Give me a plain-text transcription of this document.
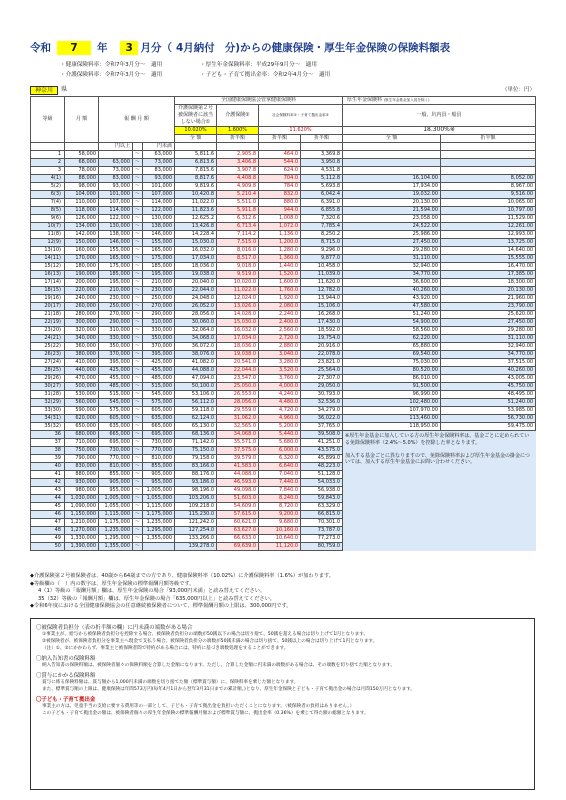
令和	7	年	3 月分（ 4月納付 分)からの健康保険・厚生年金保険の保険料額表
・健康保険料率：令和7年3月分～　適用	・厚生年金保険料率：平成29年9月分～　適用
・介護保険料率：令和7年3月分～　適用	・子ども・子育て拠出金率：令和2年4月分～　適用
神奈川	県	（単位：円）
等級	月 額	報 酬 月 額			全国健康保険協会管掌健康保険料				厚生年金保険料 (厚生年金基金加入員を除く)	
					介護保険第２号被保険者に該当しない場合①	介護保険②	社会保険料率①・子育て拠出金率②		一般、坑内員・船員	
					10.020%	1.600%	11.620%		18.300%※	
					全 額	折半額	折半額	折半額	全 額	折半額
		円以上		円未満						
1	58,000		～	63,000	5,811.6	2,905.8	464.0	3,369.8		
2	68,000	63,000	～	73,000	6,813.6	3,406.8	544.0	3,950.8		
3	78,000	73,000	～	83,000	7,815.6	3,907.8	624.0	4,531.8		
4(1)	88,000	83,000	～	93,000	8,817.6	4,408.8	704.0	5,112.8	16,104.00	8,052.00
5(2)	98,000	93,000	～	101,000	9,819.6	4,909.8	784.0	5,693.8	17,934.00	8,967.00
6(3)	104,000	101,000	～	107,000	10,420.8	5,210.4	832.0	6,042.4	19,032.00	9,516.00
7(4)	110,000	107,000	～	114,000	11,022.0	5,511.0	880.0	6,391.0	20,130.00	10,065.00
8(5)	118,000	114,000	～	122,000	11,823.6	5,911.8	944.0	6,855.8	21,594.00	10,797.00
9(6)	126,000	122,000	～	130,000	12,625.2	6,312.6	1,008.0	7,320.6	23,058.00	11,529.00
10(7)	134,000	130,000	～	138,000	13,426.8	6,713.4	1,072.0	7,785.4	24,522.00	12,261.00
11(8)	142,000	138,000	～	146,000	14,228.4	7,114.2	1,136.0	8,250.2	25,986.00	12,993.00
12(9)	150,000	146,000	～	155,000	15,030.0	7,515.0	1,200.0	8,715.0	27,450.00	13,725.00
13(10)	160,000	155,000	～	165,000	16,032.0	8,016.0	1,280.0	9,296.0	29,280.00	14,640.00
14(11)	170,000	165,000	～	175,000	17,034.0	8,517.0	1,360.0	9,877.0	31,110.00	15,555.00
15(12)	180,000	175,000	～	185,000	18,036.0	9,018.0	1,440.0	10,458.0	32,940.00	16,470.00
16(13)	190,000	185,000	～	195,000	19,038.0	9,519.0	1,520.0	11,039.0	34,770.00	17,385.00
17(14)	200,000	195,000	～	210,000	20,040.0	10,020.0	1,600.0	11,620.0	36,600.00	18,300.00
18(15)	220,000	210,000	～	230,000	22,044.0	11,022.0	1,760.0	12,782.0	40,260.00	20,130.00
19(16)	240,000	230,000	～	250,000	24,048.0	12,024.0	1,920.0	13,944.0	43,920.00	21,960.00
20(17)	260,000	250,000	～	270,000	26,052.0	13,026.0	2,080.0	15,106.0	47,580.00	23,790.00
21(18)	280,000	270,000	～	290,000	28,056.0	14,028.0	2,240.0	16,268.0	51,240.00	25,620.00
22(19)	300,000	290,000	～	310,000	30,060.0	15,030.0	2,400.0	17,430.0	54,900.00	27,450.00
23(20)	320,000	310,000	～	330,000	32,064.0	16,032.0	2,560.0	18,592.0	58,560.00	29,280.00
24(21)	340,000	330,000	～	350,000	34,068.0	17,034.0	2,720.0	19,754.0	62,220.00	31,110.00
25(22)	360,000	350,000	～	370,000	36,072.0	18,036.0	2,880.0	20,916.0	65,880.00	32,940.00
26(23)	380,000	370,000	～	395,000	38,076.0	19,038.0	3,040.0	22,078.0	69,540.00	34,770.00
27(24)	410,000	395,000	～	425,000	41,082.0	20,541.0	3,280.0	23,821.0	75,030.00	37,515.00
28(25)	440,000	425,000	～	455,000	44,088.0	22,044.0	3,520.0	25,564.0	80,520.00	40,260.00
29(26)	470,000	455,000	～	485,000	47,094.0	23,547.0	3,760.0	27,307.0	86,010.00	43,005.00
30(27)	500,000	485,000	～	515,000	50,100.0	25,050.0	4,000.0	29,050.0	91,500.00	45,750.00
31(28)	530,000	515,000	～	545,000	53,106.0	26,553.0	4,240.0	30,793.0	96,990.00	48,495.00
32(29)	560,000	545,000	～	575,000	56,112.0	28,056.0	4,480.0	32,536.0	102,480.00	51,240.00
33(30)	590,000	575,000	～	605,000	59,118.0	29,559.0	4,720.0	34,279.0	107,970.00	53,985.00
34(31)	620,000	605,000	～	635,000	62,124.0	31,062.0	4,960.0	36,022.0	113,460.00	56,730.00
35(32)	650,000	635,000	～	665,000	65,130.0	32,565.0	5,200.0	37,765.0	118,950.00	59,475.00
36	680,000	665,000	～	695,000	68,136.0	34,068.0	5,440.0	39,508.0	※厚生年金基金に加入している方の厚生年金保険料率は、基金ごとに定められている免除保険料率（2.4%～5.0%）を控除した率となります。
加入する基金ごとに異なりますので、免除保険料率および厚生年金基金の掛金については、加入する厚生年金基金にお問い合わせください。	

37	710,000	695,000	～	730,000	71,142.0	35,571.0	5,680.0	41,251.0		
38	750,000	730,000	～	770,000	75,150.0	37,575.0	6,000.0	43,575.0		
39	790,000	770,000	～	810,000	79,158.0	39,579.0	6,320.0	45,899.0		
40	830,000	810,000	～	855,000	83,166.0	41,583.0	6,640.0	48,223.0		
41	880,000	855,000	～	905,000	88,176.0	44,088.0	7,040.0	51,128.0		
42	930,000	905,000	～	955,000	93,186.0	46,593.0	7,440.0	54,033.0		
43	980,000	955,000	～	1,005,000	98,196.0	49,098.0	7,840.0	56,938.0		
44	1,030,000	1,005,000	～	1,055,000	103,206.0	51,603.0	8,240.0	59,843.0		
45	1,090,000	1,055,000	～	1,115,000	109,218.0	54,609.0	8,720.0	63,329.0		
46	1,150,000	1,115,000	～	1,175,000	115,230.0	57,615.0	9,200.0	66,815.0		
47	1,210,000	1,175,000	～	1,235,000	121,242.0	60,621.0	9,680.0	70,301.0		
48	1,270,000	1,235,000	～	1,295,000	127,254.0	63,627.0	10,160.0	73,787.0		
49	1,330,000	1,295,000	～	1,355,000	133,266.0	66,633.0	10,640.0	77,273.0		
50	1,390,000	1,355,000	～		139,278.0	69,639.0	11,120.0	80,759.0		
◆介護保険第２号被保険者は、40歳から64歳までの方であり、健康保険料率（10.02%）に介護保険料率（1.6%）が加わります。
◆等級欄の（　）内の数字は、厚生年金保険の標準報酬月額等級です。
4（1）等級の「報酬月額」欄は、厚生年金保険の場合「93,000円未満」と読み替えてください。
35（32）等級の「報酬月額」欄は、厚生年金保険の場合「635,000円以上」と読み替えてください。
◆令和6年度における全国健康保険協会の任意継続被保険者について、標準報酬月額の上限は、300,000円です。
〇被保険者負担分（表の折半額の欄）に円未満の端数がある場合
①事業主が、給与から被保険者負担分を控除する場合、被保険者負担分の端数が50銭以下の場合は切り捨て、50銭を超える場合は切り上げて1円となります。
②被保険者が、被保険者負担分を事業主へ現金で支払う場合、被保険者負担分の端数が50銭未満の場合は切り捨て、50銭以上の場合は切り上げて1円となります。
（注）①、②にかかわらず、事業主と被保険者間で特約がある場合には、特約に基づき端数処理をすることができます。
〇納入告知書の保険料額
納入告知書の保険料額は、被保険者個々の保険料額を合算した金額になります。ただし、合算した金額に円未満の端数がある場合は、その端数を切り捨てた額となります。
〇賞与にかかる保険料額
賞与に係る保険料額は、賞与額から1,000円未満の端数を切り捨てた額（標準賞与額）に、保険料率を乗じた額となります。
また、標準賞与額の上限は、健康保険は年間573万円(毎年4月1日から翌年3月31日までの累計額。)となり、厚生年金保険と子ども・子育て拠出金の場合は月間150万円となります。
〇子ども・子育て拠出金
事業主の方は、児童手当の支給に要する費用等の一部として、子ども・子育て拠出金を負担いただくことになります。（被保険者の負担はありません。）
この子ども・子育て拠出金の額は、被保険者個々の厚生年金保険の標準報酬月額および標準賞与額に、拠出金率（0.36%）を乗じて得た額の総額となります。
